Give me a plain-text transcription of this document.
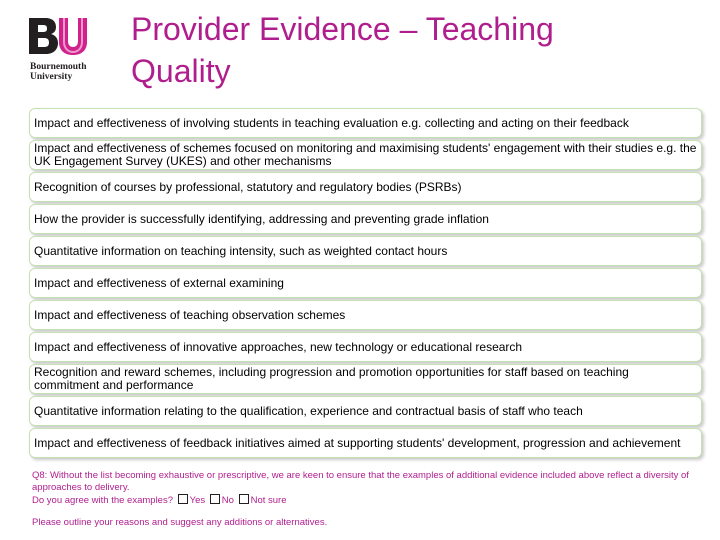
Bournemouth
University
Provider Evidence – Teaching
Quality
Impact and effectiveness of involving students in teaching evaluation e.g. collecting and acting on their feedback
Impact and effectiveness of schemes focused on monitoring and maximising students' engagement with their studies e.g. the UK Engagement Survey (UKES) and other mechanisms
Recognition of courses by professional, statutory and regulatory bodies (PSRBs)
How the provider is successfully identifying, addressing and preventing grade inflation
Quantitative information on teaching intensity, such as weighted contact hours
Impact and effectiveness of external examining
Impact and effectiveness of teaching observation schemes
Impact and effectiveness of innovative approaches, new technology or educational research
Recognition and reward schemes, including progression and promotion opportunities for staff based on teaching commitment and performance
Quantitative information relating to the qualification, experience and contractual basis of staff who teach
Impact and effectiveness of feedback initiatives aimed at supporting students' development, progression and achievement

Q8: Without the list becoming exhaustive or prescriptive, we are keen to ensure that the examples of additional evidence included above reflect a diversity of approaches to delivery.

Do you agree with the examples? Yes No Not sure

Please outline your reasons and suggest any additions or alternatives.
